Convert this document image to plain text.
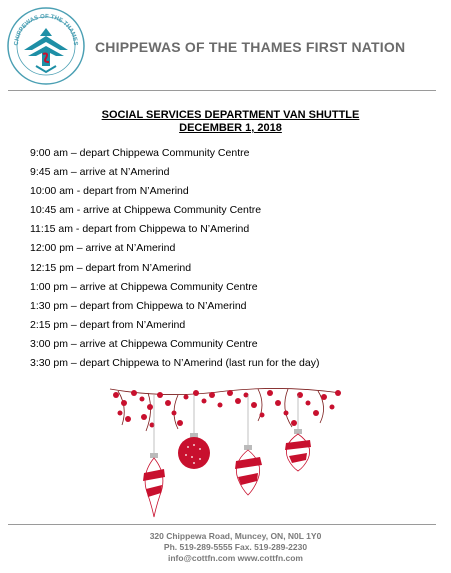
CHIPPEWAS OF THE THAMES CHIPPEWAS OF THE THAMES FIRST NATION
SOCIAL SERVICES DEPARTMENT VAN SHUTTLE
DECEMBER 1, 2018
9:00 am – depart Chippewa Community Centre
9:45 am – arrive at N’Amerind
10:00 am - depart from N’Amerind
10:45 am - arrive at Chippewa Community Centre
11:15 am - depart from Chippewa to N’Amerind
12:00 pm – arrive at N’Amerind
12:15 pm – depart from N’Amerind
1:00 pm – arrive at Chippewa Community Centre
1:30 pm – depart from Chippewa to N’Amerind
2:15 pm – depart from N’Amerind
3:00 pm – arrive at Chippewa Community Centre
3:30 pm – depart Chippewa to N’Amerind (last run for the day)
320 Chippewa Road, Muncey, ON, N0L 1Y0
Ph. 519-289-5555 Fax. 519-289-2230
info@cottfn.com www.cottfn.com
